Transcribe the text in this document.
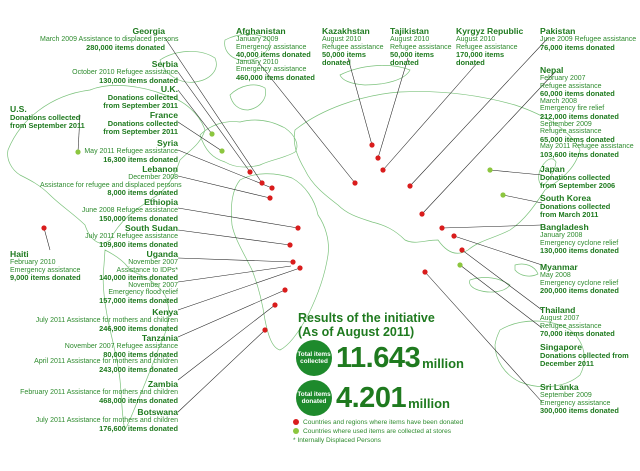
Georgia
March 2009 Assistance to displaced persons
280,000 items donated
Serbia
October 2010 Refugee assistance
130,000 items donated
U.K.
Donations collected
from September 2011
France
Donations collected
from September 2011
U.S.
Donations collected
from September 2011
Syria
May 2011 Refugee assistance
16,300 items donated
Lebanon
December 2008
Assistance for refugee and displaced persons
8,000 items donated
Ethiopia
June 2008 Refugee assistance
150,000 items donated
South Sudan
July 2011 Refugee assistance
109,800 items donated
Uganda
November 2007
Assistance to IDPs*
140,000 items donated
November 2007
Emergency flood relief
157,000 items donated
Haiti
February 2010
Emergency assistance
9,000 items donated
Kenya
July 2011 Assistance for mothers and children
246,900 items donated
Tanzania
November 2007 Refugee assistance
80,000 items donated
April 2011 Assistance for mothers and children
243,000 items donated
Zambia
February 2011 Assistance for mothers and children
468,000 items donated
Botswana
July 2011 Assistance for mothers and children
176,600 items donated
Afghanistan
January 2009
Emergency assistance
40,000 items donated
January 2010
Emergency assistance
460,000 items donated
Kazakhstan
August 2010
Refugee assistance
50,000 items
donated
Tajikistan
August 2010
Refugee assistance
50,000 items
donated
Kyrgyz Republic
August 2010
Refugee assistance
170,000 items
donated
Pakistan
June 2009 Refugee assistance
76,000 items donated
Nepal
February 2007
Refugee assistance
60,000 items donated
March 2008
Emergency fire relief
212,000 items donated
September 2009
Refugee assistance
65,000 items donated
May 2011 Refugee assistance
103,600 items donated
Japan
Donations collected
from September 2006
South Korea
Donations collected
from March 2011
Bangladesh
January 2008
Emergency cyclone relief
130,000 items donated
Myanmar
May 2008
Emergency cyclone relief
200,000 items donated
Thailand
August 2007
Refugee assistance
70,000 items donated
Singapore
Donations collected from
December 2011
Sri Lanka
September 2009
Emergency assistance
300,000 items donated
Results of the initiative
(As of August 2011)
Total items collected 11.643 million
Total items donated 4.201 million
Countries and regions where items have been donated
Countries where used items are collected at stores
* Internally Displaced Persons
